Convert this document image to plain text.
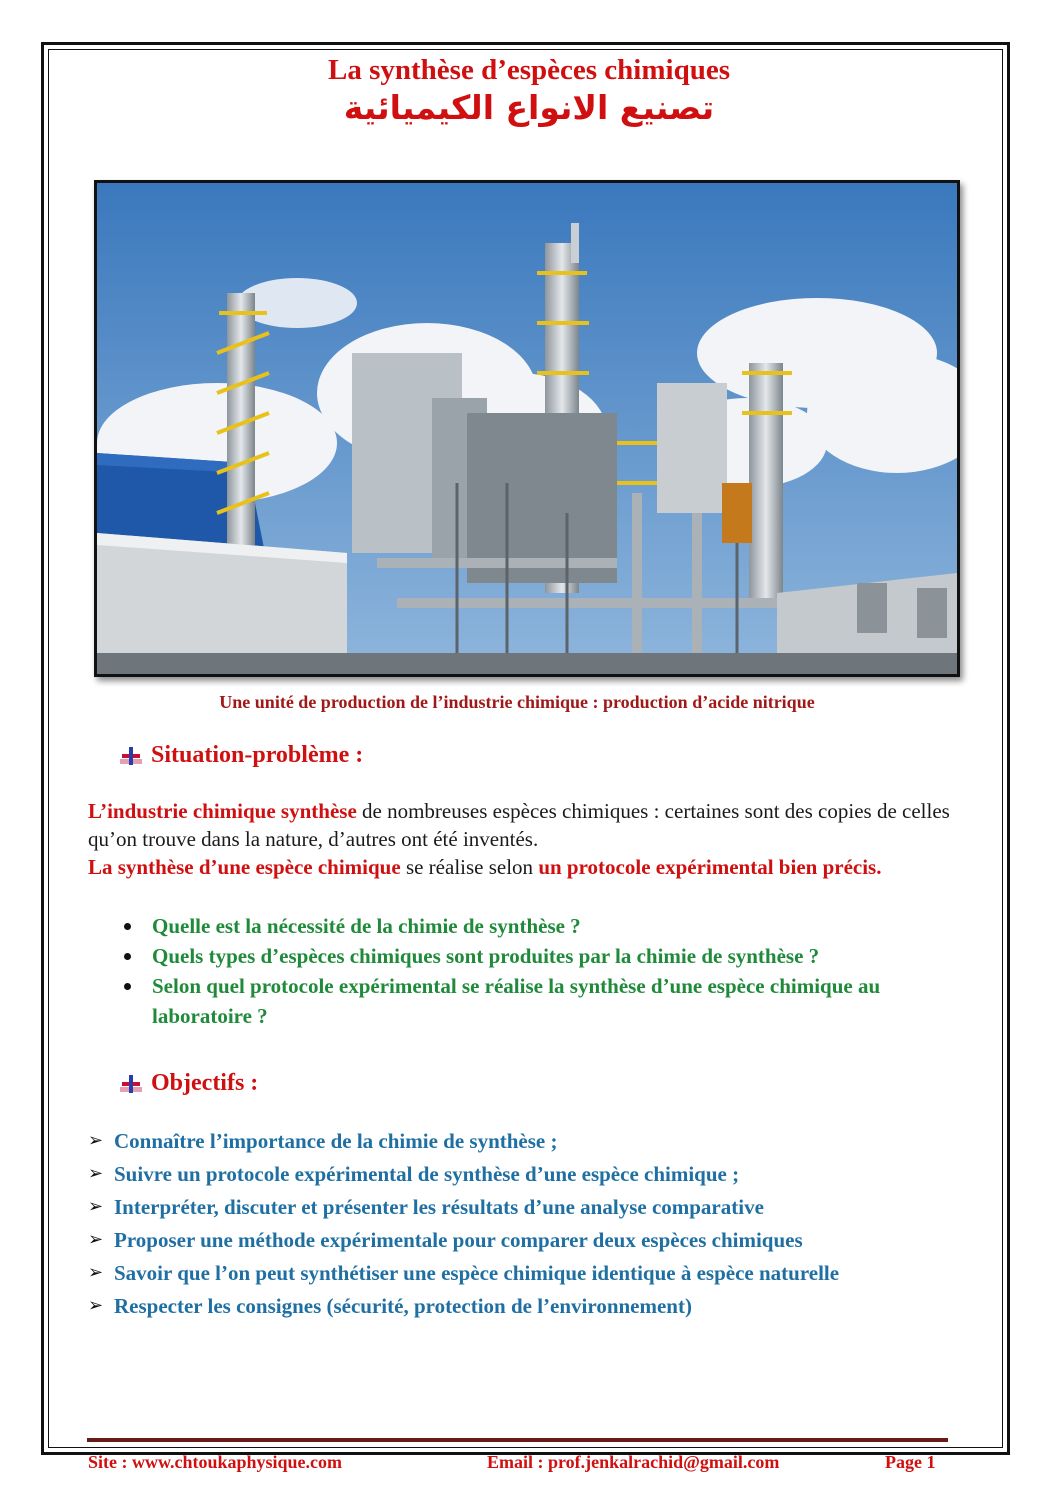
La synthèse d’espèces chimiques
تصنيع الانواع الكيميائية
Une unité de production de l’industrie chimique : production d’acide nitrique
Situation-problème :
L’industrie chimique synthèse de nombreuses espèces chimiques : certaines sont des copies de celles qu’on trouve dans la nature, d’autres ont été inventés.
La synthèse d’une espèce chimique se réalise selon un protocole expérimental bien précis.
Quelle est la nécessité de la chimie de synthèse ?
Quels types d’espèces chimiques sont produites par la chimie de synthèse ?
Selon quel protocole expérimental se réalise la synthèse d’une espèce chimique au laboratoire ?
Objectifs :
➢ Connaître l’importance de la chimie de synthèse ;
➢ Suivre un protocole expérimental de synthèse d’une espèce chimique ;
➢ Interpréter, discuter et présenter les résultats d’une analyse comparative
➢ Proposer une méthode expérimentale pour comparer deux espèces chimiques
➢ Savoir que l’on peut synthétiser une espèce chimique identique à espèce naturelle
➢ Respecter les consignes (sécurité, protection de l’environnement)
Site : www.chtoukaphysique.com	Email : prof.jenkalrachid@gmail.com	Page 1
